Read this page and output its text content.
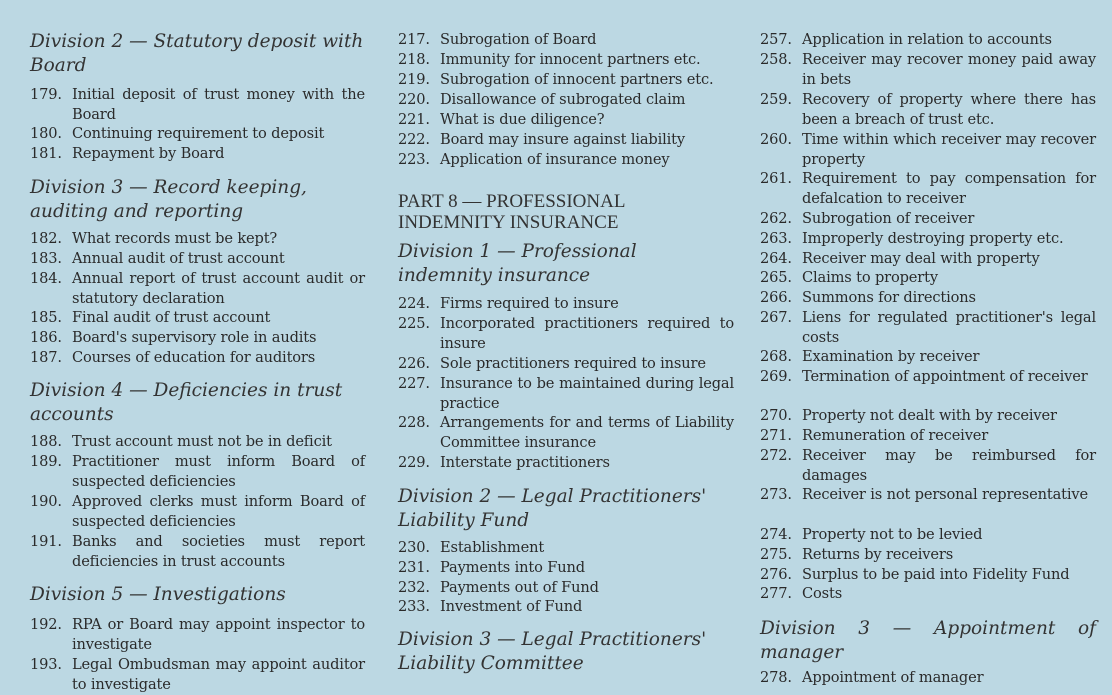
Division 2 — Statutory deposit with Board
179. Initial deposit of trust money with the Board
180. Continuing requirement to deposit
181. Repayment by Board
Division 3 — Record keeping, auditing and reporting
182. What records must be kept?
183. Annual audit of trust account
184. Annual report of trust account audit or statutory declaration
185. Final audit of trust account
186. Board's supervisory role in audits
187. Courses of education for auditors
Division 4 — Deficiencies in trust accounts
188. Trust account must not be in deficit
189. Practitioner must inform Board of suspected deficiencies
190. Approved clerks must inform Board of suspected deficiencies
191. Banks and societies must report deficiencies in trust accounts
Division 5 — Investigations
192. RPA or Board may appoint inspector to investigate
193. Legal Ombudsman may appoint auditor to investigate
217. Subrogation of Board
218. Immunity for innocent partners etc.
219. Subrogation of innocent partners etc.
220. Disallowance of subrogated claim
221. What is due diligence?
222. Board may insure against liability
223. Application of insurance money
PART 8 — PROFESSIONAL INDEMNITY INSURANCE
Division 1 — Professional indemnity insurance
224. Firms required to insure
225. Incorporated practitioners required to insure
226. Sole practitioners required to insure
227. Insurance to be maintained during legal practice
228. Arrangements for and terms of Liability Committee insurance
229. Interstate practitioners
Division 2 — Legal Practitioners' Liability Fund
230. Establishment
231. Payments into Fund
232. Payments out of Fund
233. Investment of Fund
Division 3 — Legal Practitioners' Liability Committee
257. Application in relation to accounts
258. Receiver may recover money paid away in bets
259. Recovery of property where there has been a breach of trust etc.
260. Time within which receiver may recover property
261. Requirement to pay compensation for defalcation to receiver
262. Subrogation of receiver
263. Improperly destroying property etc.
264. Receiver may deal with property
265. Claims to property
266. Summons for directions
267. Liens for regulated practitioner's legal costs
268. Examination by receiver
269. Termination of appointment of receiver
270. Property not dealt with by receiver
271. Remuneration of receiver
272. Receiver may be reimbursed for damages
273. Receiver is not personal representative
274. Property not to be levied
275. Returns by receivers
276. Surplus to be paid into Fidelity Fund
277. Costs
Division 3 — Appointment of manager
278. Appointment of manager
